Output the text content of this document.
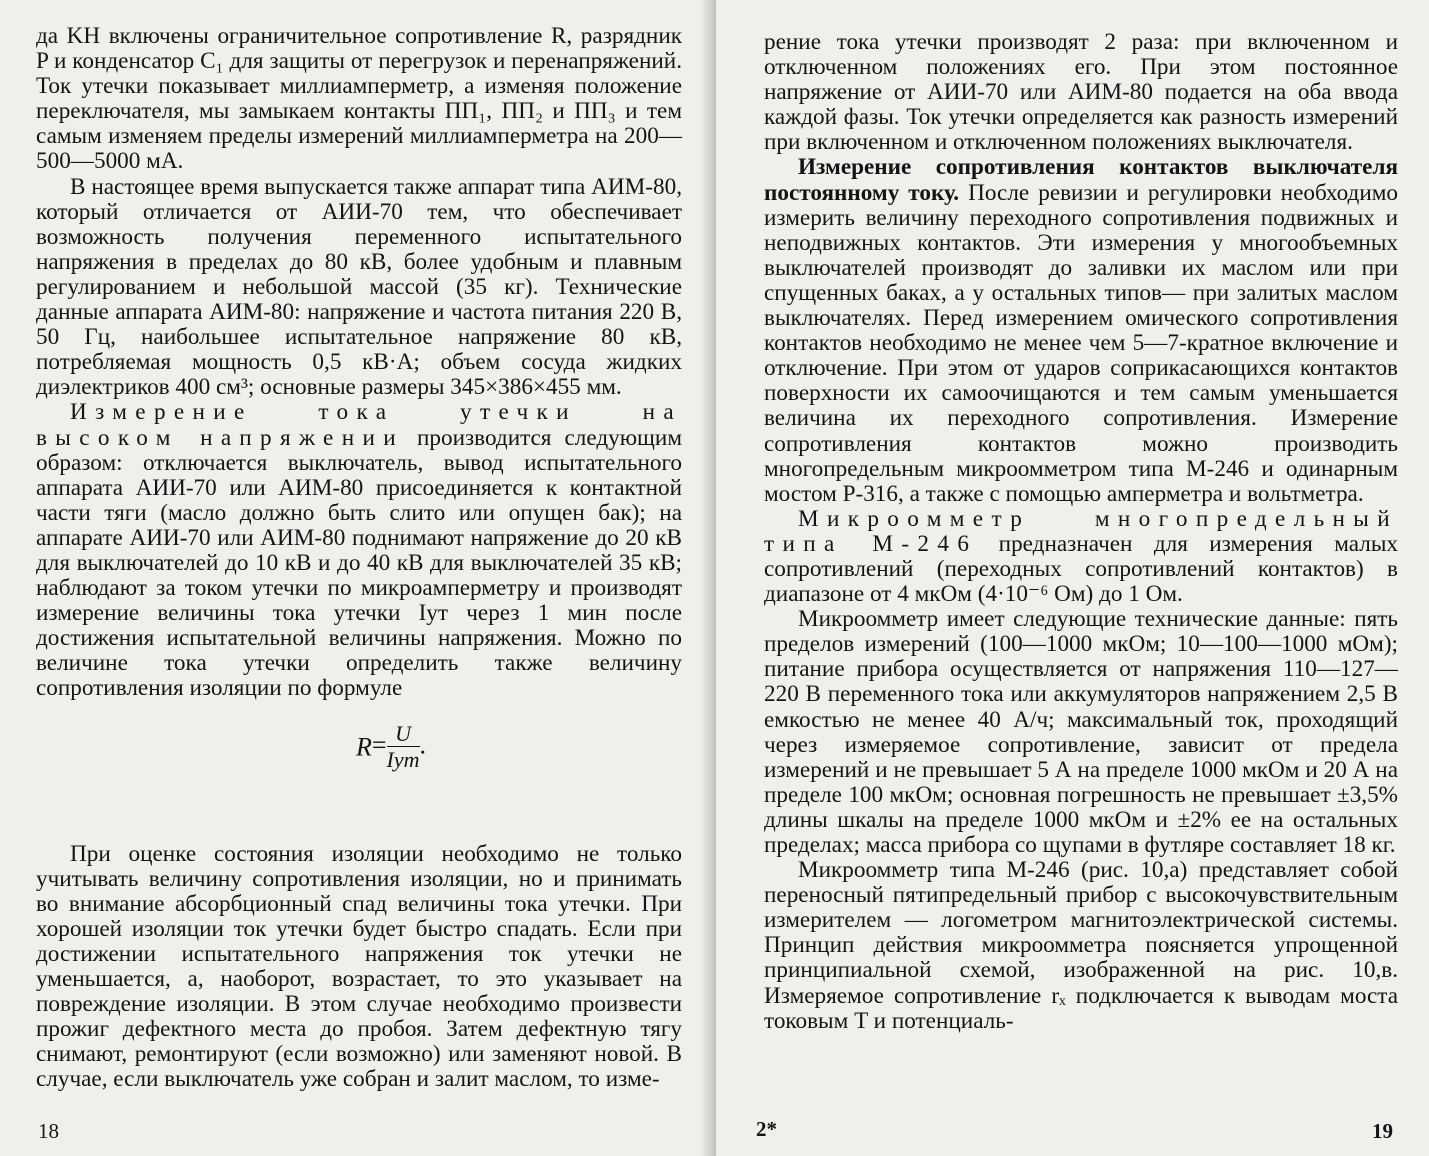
да KH включены ограничительное сопротивление R, разрядник P и конденсатор C₁ для защиты от перегрузок и перенапряжений. Ток утечки показывает миллиамперметр, а изменяя положение переключателя, мы замыкаем контакты ПП₁, ПП₂ и ПП₃ и тем самым изменяем пределы измерений миллиамперметра на 200—500—5000 мА.

В настоящее время выпускается также аппарат типа АИМ-80, который отличается от АИИ-70 тем, что обеспечивает возможность получения переменного испытательного напряжения в пределах до 80 кВ, более удобным и плавным регулированием и небольшой массой (35 кг). Технические данные аппарата АИМ-80: напряжение и частота питания 220 В, 50 Гц, наибольшее испытательное напряжение 80 кВ, потребляемая мощность 0,5 кВ·А; объем сосуда жидких диэлектриков 400 см³; основные размеры 345×386×455 мм.

Измерение тока утечки на высоком напряжении производится следующим образом: отключается выключатель, вывод испытательного аппарата АИИ-70 или АИМ-80 присоединяется к контактной части тяги (масло должно быть слито или опущен бак); на аппарате АИИ-70 или АИМ-80 поднимают напряжение до 20 кВ для выключателей до 10 кВ и до 40 кВ для выключателей 35 кВ; наблюдают за током утечки по микроамперметру и производят измерение величины тока утечки Iут через 1 мин после достижения испытательной величины напряжения. Можно по величине тока утечки определить также величину сопротивления изоляции по формуле

$R= \frac{U}{\text{Iут}}$ .

При оценке состояния изоляции необходимо не только учитывать величину сопротивления изоляции, но и принимать во внимание абсорбционный спад величины тока утечки. При хорошей изоляции ток утечки будет быстро спадать. Если при достижении испытательного напряжения ток утечки не уменьшается, а, наоборот, возрастает, то это указывает на повреждение изоляции. В этом случае необходимо произвести прожиг дефектного места до пробоя. Затем дефектную тягу снимают, ремонтируют (если возможно) или заменяют новой. В случае, если выключатель уже собран и залит маслом, то изме-

18

рение тока утечки производят 2 раза: при включенном и отключенном положениях его. При этом постоянное напряжение от АИИ-70 или АИМ-80 подается на оба ввода каждой фазы. Ток утечки определяется как разность измерений при включенном и отключенном положениях выключателя.

Измерение сопротивления контактов выключателя постоянному току. После ревизии и регулировки необходимо измерить величину переходного сопротивления подвижных и неподвижных контактов. Эти измерения у многообъемных выключателей производят до заливки их маслом или при спущенных баках, а у остальных типов— при залитых маслом выключателях. Перед измерением омического сопротивления контактов необходимо не менее чем 5—7-кратное включение и отключение. При этом от ударов соприкасающихся контактов поверхности их самоочищаются и тем самым уменьшается величина их переходного сопротивления. Измерение сопротивления контактов можно производить многопредельным микроомметром типа М-246 и одинарным мостом Р-316, а также с помощью амперметра и вольтметра.

Микроомметр многопредельный типа М-246 предназначен для измерения малых сопротивлений (переходных сопротивлений контактов) в диапазоне от 4 мкОм (4·10⁻⁶ Ом) до 1 Ом.

Микроомметр имеет следующие технические данные: пять пределов измерений (100—1000 мкОм; 10—100—1000 мОм); питание прибора осуществляется от напряжения 110—127—220 В переменного тока или аккумуляторов напряжением 2,5 В емкостью не менее 40 А/ч; максимальный ток, проходящий через измеряемое сопротивление, зависит от предела измерений и не превышает 5 А на пределе 1000 мкОм и 20 А на пределе 100 мкОм; основная погрешность не превышает ±3,5% длины шкалы на пределе 1000 мкОм и ±2% ее на остальных пределах; масса прибора со щупами в футляре составляет 18 кг.

Микроомметр типа М-246 (рис. 10,а) представляет собой переносный пятипредельный прибор с высокочувствительным измерителем — логометром магнитоэлектрической системы. Принцип действия микроомметра поясняется упрощенной принципиальной схемой, изображенной на рис. 10,в. Измеряемое сопротивление rₓ подключается к выводам моста токовым T и потенциаль-

2*	19
